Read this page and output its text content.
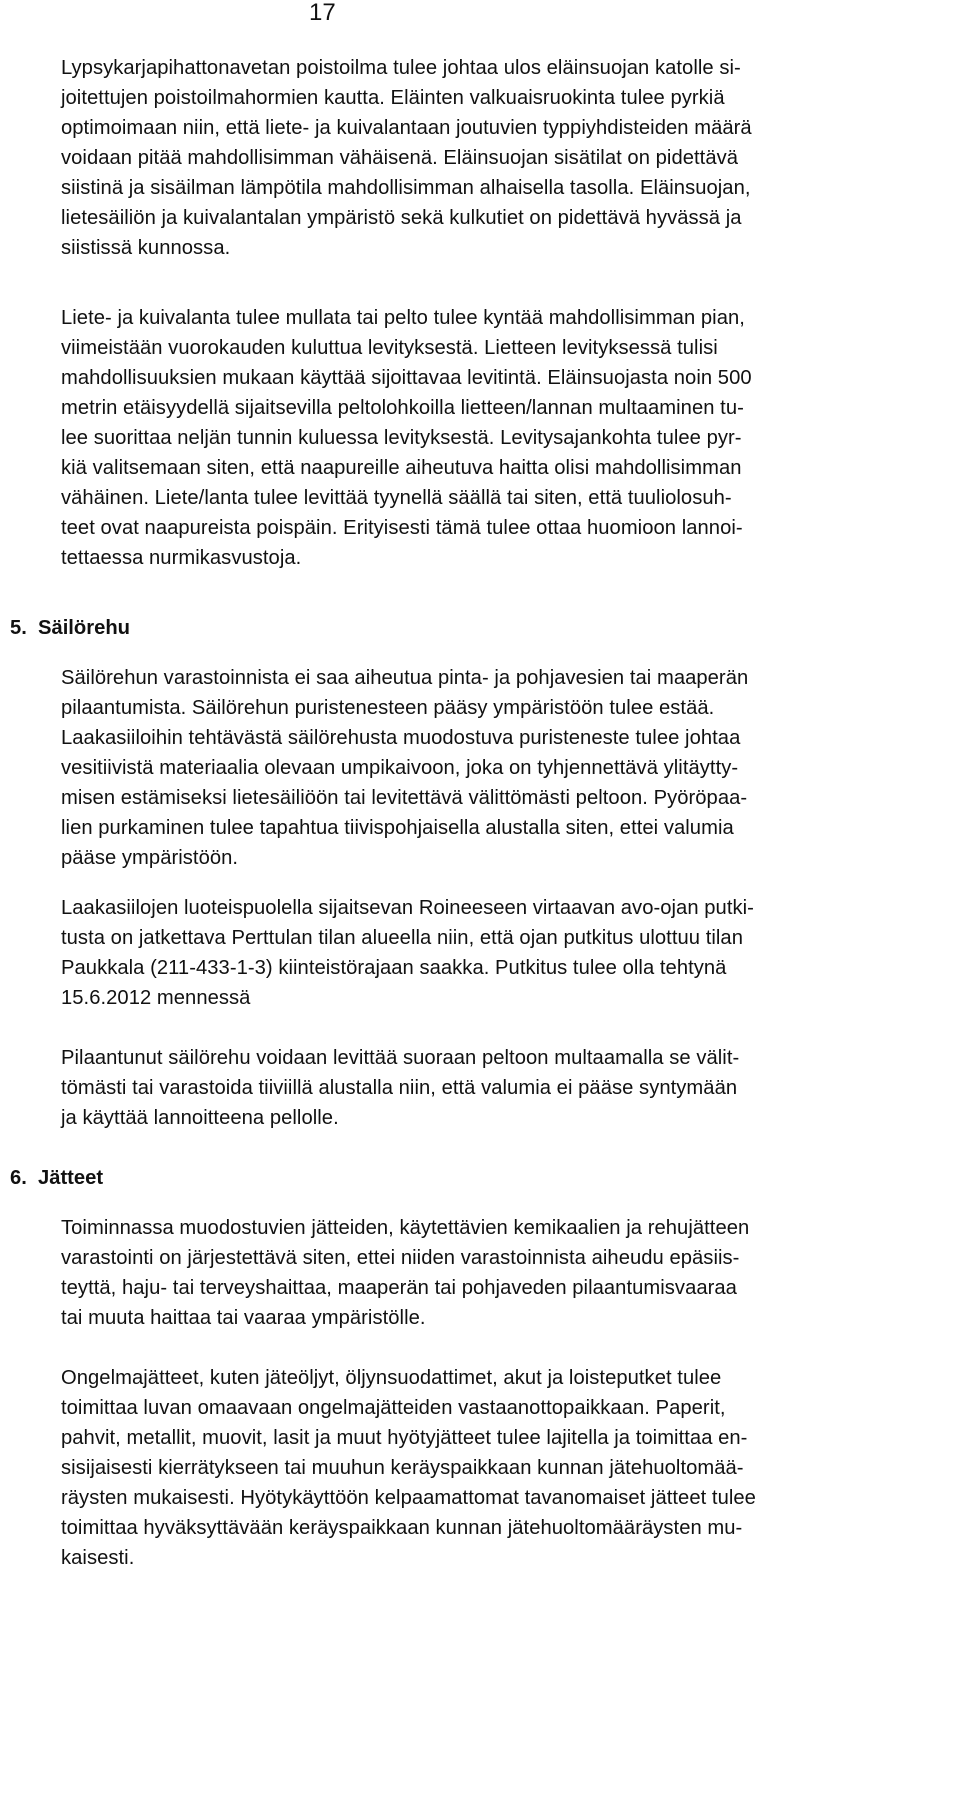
17
Lypsykarjapihattonavetan poistoilma tulee johtaa ulos eläinsuojan katolle si-
joitettujen poistoilmahormien kautta. Eläinten valkuaisruokinta tulee pyrkiä
optimoimaan niin, että liete- ja kuivalantaan joutuvien typpiyhdisteiden määrä
voidaan pitää mahdollisimman vähäisenä. Eläinsuojan sisätilat on pidettävä
siistinä ja sisäilman lämpötila mahdollisimman alhaisella tasolla. Eläinsuojan,
lietesäiliön ja kuivalantalan ympäristö sekä kulkutiet on pidettävä hyvässä ja
siistissä kunnossa.
Liete- ja kuivalanta tulee mullata tai pelto tulee kyntää mahdollisimman pian,
viimeistään vuorokauden kuluttua levityksestä. Lietteen levityksessä tulisi
mahdollisuuksien mukaan käyttää sijoittavaa levitintä. Eläinsuojasta noin 500
metrin etäisyydellä sijaitsevilla peltolohkoilla lietteen/lannan multaaminen tu-
lee suorittaa neljän tunnin kuluessa levityksestä. Levitysajankohta tulee pyr-
kiä valitsemaan siten, että naapureille aiheutuva haitta olisi mahdollisimman
vähäinen. Liete/lanta tulee levittää tyynellä säällä tai siten, että tuuliolosuh-
teet ovat naapureista poispäin. Erityisesti tämä tulee ottaa huomioon lannoi-
tettaessa nurmikasvustoja.
5. Säilörehu
Säilörehun varastoinnista ei saa aiheutua pinta- ja pohjavesien tai maaperän
pilaantumista. Säilörehun puristenesteen pääsy ympäristöön tulee estää.
Laakasiiloihin tehtävästä säilörehusta muodostuva puristeneste tulee johtaa
vesitiivistä materiaalia olevaan umpikaivoon, joka on tyhjennettävä ylitäytty-
misen estämiseksi lietesäiliöön tai levitettävä välittömästi peltoon. Pyöröpaa-
lien purkaminen tulee tapahtua tiivispohjaisella alustalla siten, ettei valumia
pääse ympäristöön.
Laakasiilojen luoteispuolella sijaitsevan Roineeseen virtaavan avo-ojan putki-
tusta on jatkettava Perttulan tilan alueella niin, että ojan putkitus ulottuu tilan
Paukkala (211-433-1-3) kiinteistörajaan saakka. Putkitus tulee olla tehtynä
15.6.2012 mennessä
Pilaantunut säilörehu voidaan levittää suoraan peltoon multaamalla se välit-
tömästi tai varastoida tiiviillä alustalla niin, että valumia ei pääse syntymään
ja käyttää lannoitteena pellolle.
6. Jätteet
Toiminnassa muodostuvien jätteiden, käytettävien kemikaalien ja rehujätteen
varastointi on järjestettävä siten, ettei niiden varastoinnista aiheudu epäsiis-
teyttä, haju- tai terveyshaittaa, maaperän tai pohjaveden pilaantumisvaaraa
tai muuta haittaa tai vaaraa ympäristölle.
Ongelmajätteet, kuten jäteöljyt, öljynsuodattimet, akut ja loisteputket tulee
toimittaa luvan omaavaan ongelmajätteiden vastaanottopaikkaan. Paperit,
pahvit, metallit, muovit, lasit ja muut hyötyjätteet tulee lajitella ja toimittaa en-
sisijaisesti kierrätykseen tai muuhun keräyspaikkaan kunnan jätehuoltomää-
räysten mukaisesti. Hyötykäyttöön kelpaamattomat tavanomaiset jätteet tulee
toimittaa hyväksyttävään keräyspaikkaan kunnan jätehuoltomääräysten mu-
kaisesti.
